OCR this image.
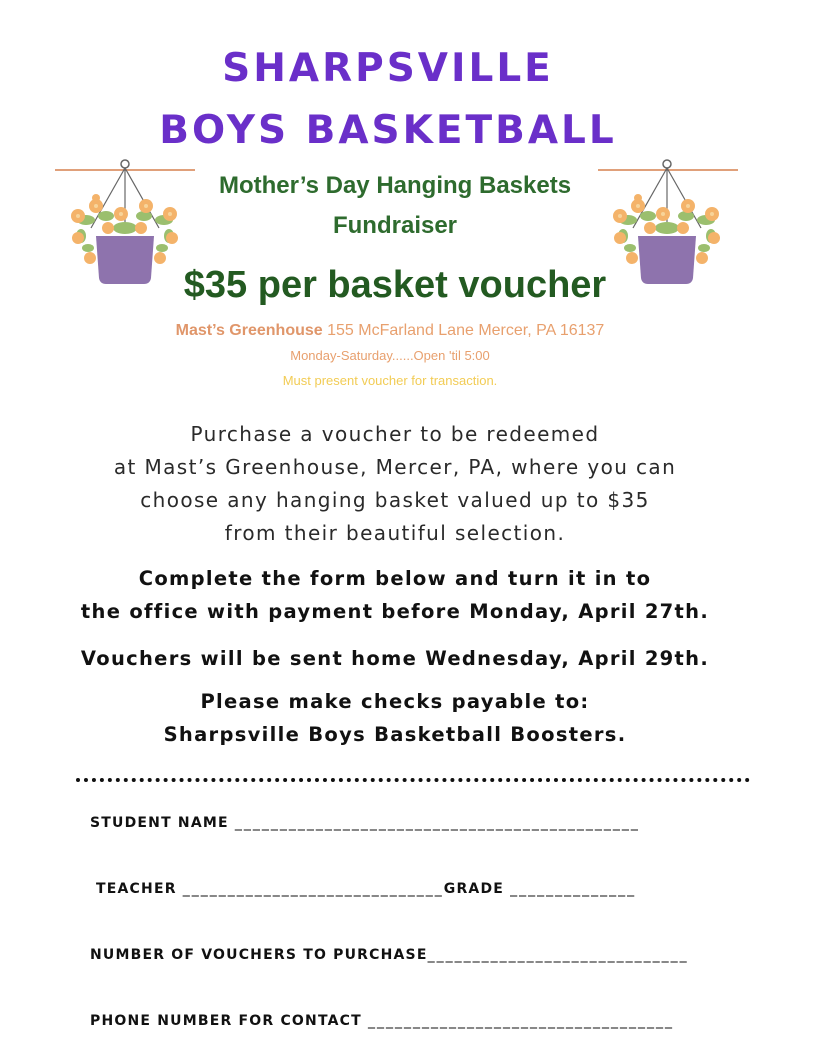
SHARPSVILLE
BOYS BASKETBALL
Mother’s Day Hanging Baskets
Fundraiser
$35 per basket voucher
Mast’s Greenhouse 155 McFarland Lane Mercer, PA 16137
Monday-Saturday......Open 'til 5:00
Must present voucher for transaction.
Purchase a voucher to be redeemed
at Mast’s Greenhouse, Mercer, PA, where you can
choose any hanging basket valued up to $35
from their beautiful selection.
Complete the form below and turn it in to
the office with payment before Monday, April 27th.
Vouchers will be sent home Wednesday, April 29th.
Please make checks payable to:
Sharpsville Boys Basketball Boosters.
STUDENT NAME _____________________________________________
TEACHER _____________________________GRADE ______________
NUMBER OF VOUCHERS TO PURCHASE_____________________________
PHONE NUMBER FOR CONTACT __________________________________
